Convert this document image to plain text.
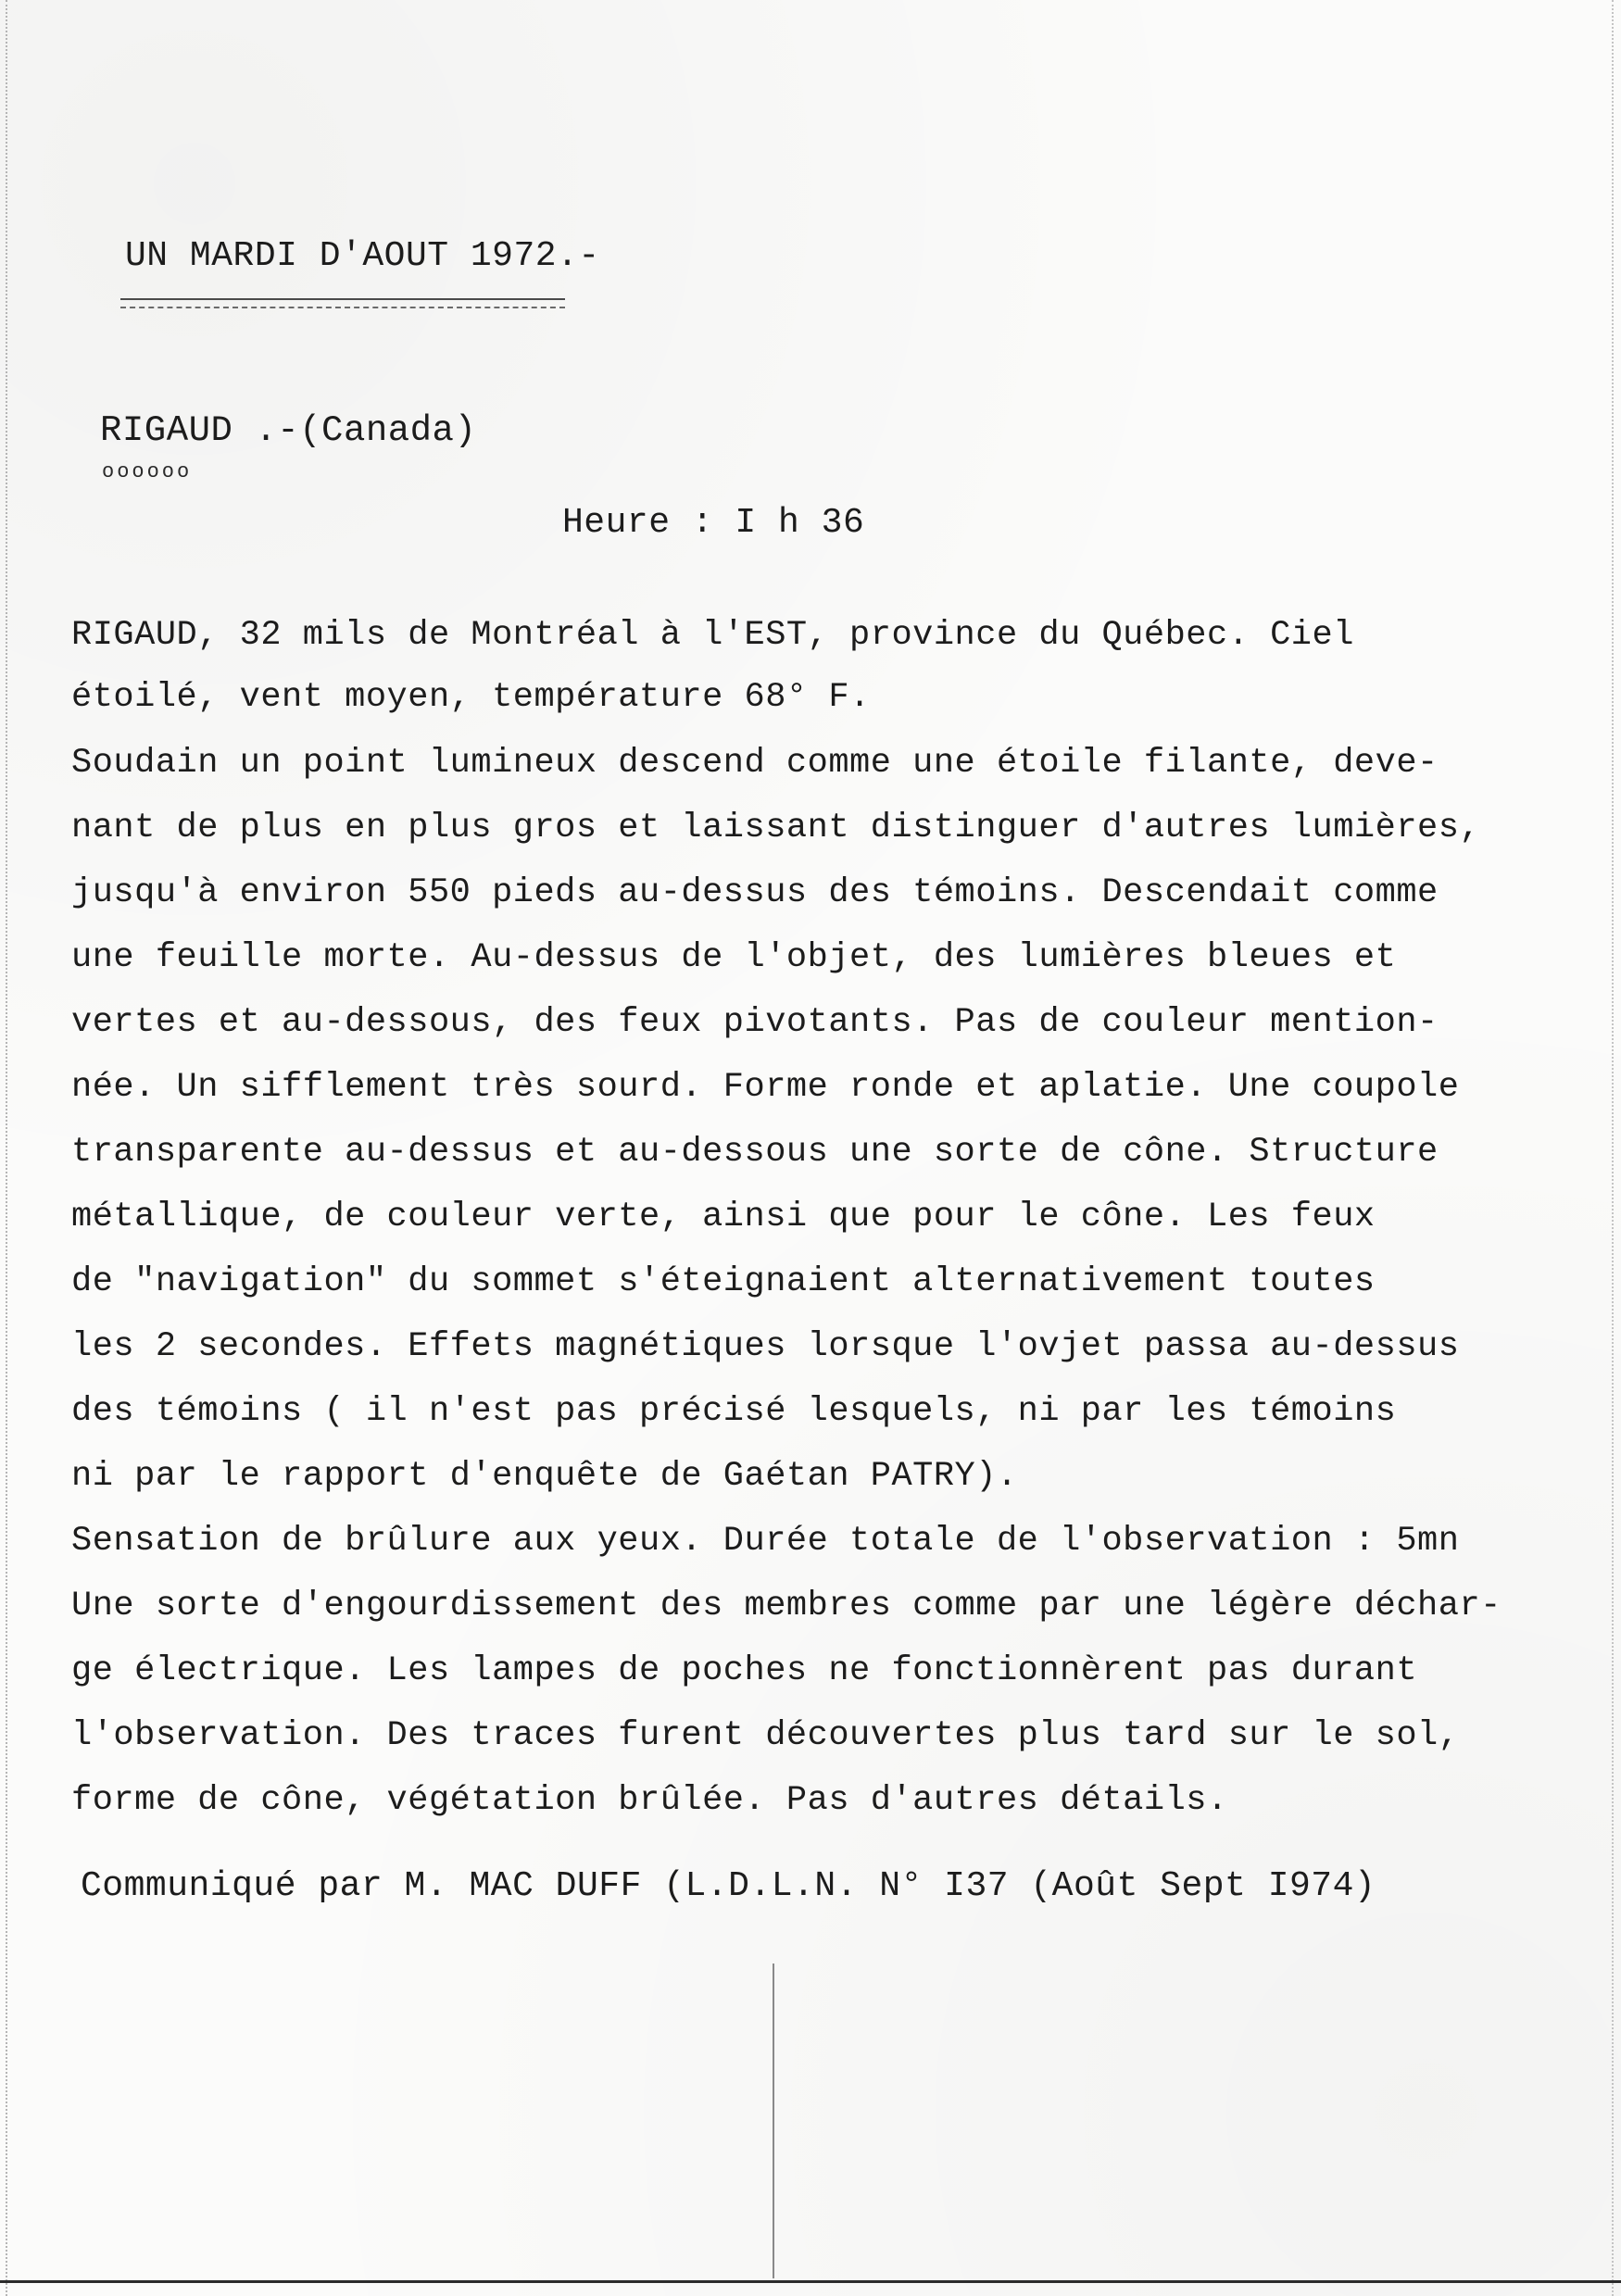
UN MARDI D'AOUT 1972.-
RIGAUD .-(Canada)
oooooo
Heure : I h 36
RIGAUD, 32 mils de Montréal à l'EST, province du Québec. Ciel
étoilé, vent moyen, température 68° F.
Soudain un point lumineux descend comme une étoile filante, deve-
nant de plus en plus gros et laissant distinguer d'autres lumières,
jusqu'à environ 550 pieds au-dessus des témoins. Descendait comme
une feuille morte. Au-dessus de l'objet, des lumières bleues et
vertes et au-dessous, des feux pivotants. Pas de couleur mention-
née. Un sifflement très sourd. Forme ronde et aplatie. Une coupole
transparente au-dessus et au-dessous une sorte de cône. Structure
métallique, de couleur verte, ainsi que pour le cône. Les feux
de "navigation" du sommet s'éteignaient alternativement toutes
les 2 secondes. Effets magnétiques lorsque l'ovjet passa au-dessus
des témoins ( il n'est pas précisé lesquels, ni par les témoins
ni par le rapport d'enquête de Gaétan PATRY).
Sensation de brûlure aux yeux. Durée totale de l'observation : 5mn
Une sorte d'engourdissement des membres comme par une légère déchar-
ge électrique. Les lampes de poches ne fonctionnèrent pas durant
l'observation. Des traces furent découvertes plus tard sur le sol,
forme de cône, végétation brûlée. Pas d'autres détails.
Communiqué par M. MAC DUFF (L.D.L.N. N° I37 (Août Sept I974)
